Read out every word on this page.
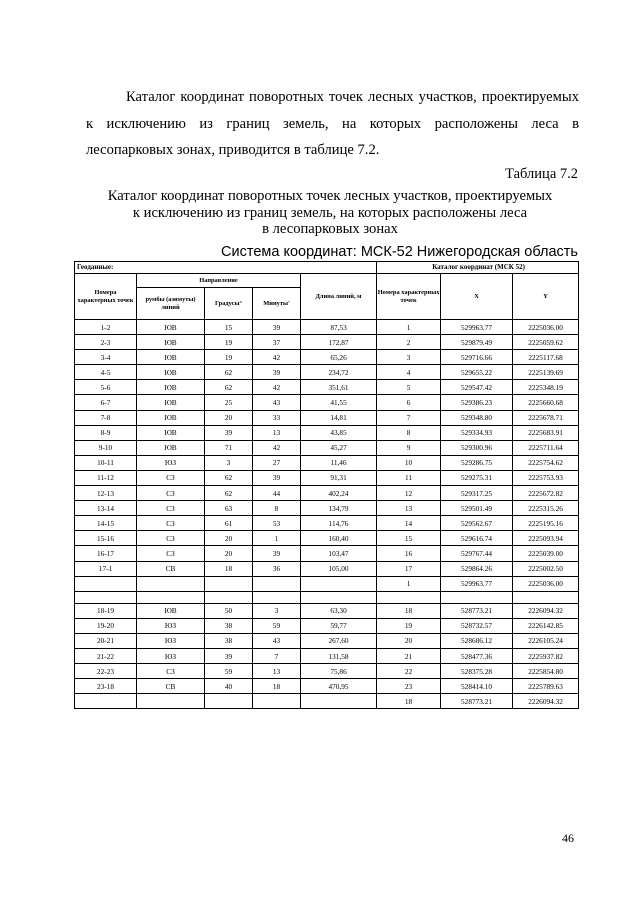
Каталог координат поворотных точек лесных участков, проектируемых к исключению из границ земель, на которых расположены леса в лесопарковых зонах, приводится в таблице 7.2.
Таблица 7.2
Каталог координат поворотных точек лесных участков, проектируемых
к исключению из границ земель, на которых расположены леса
в лесопарковых зонах
Система координат: МСК-52 Нижегородская область
Геоданные:					Каталог координат (МСК 52)		
Номера характерных точек	Направление			Длина линий, м	Номера характерных точек	X	Y
	румбы (азимуты) линий	Градусы°	Минуты'				
1-2	ЮВ	15	39	87,53	1	529963.77	2225036.00
2-3	ЮВ	19	37	172,87	2	529879.49	2225059.62
3-4	ЮВ	19	42	65,26	3	529716.66	2225117.68
4-5	ЮВ	62	39	234,72	4	529655.22	2225139.69
5-6	ЮВ	62	42	351,61	5	529547.42	2225348.19
6-7	ЮВ	25	43	41,55	6	529386.23	2225660.68
7-8	ЮВ	20	33	14,81	7	529348.80	2225678.71
8-9	ЮВ	39	13	43,85	8	529334.93	2225683.91
9-10	ЮВ	71	42	45,27	9	529300.96	2225711.64
10-11	ЮЗ	3	27	11,46	10	529286.75	2225754.62
11-12	СЗ	62	39	91,31	11	529275.31	2225753.93
12-13	СЗ	62	44	402,24	12	529317.25	2225672.82
13-14	СЗ	63	8	134,79	13	529501.49	2225315.26
14-15	СЗ	61	53	114,76	14	529562.67	2225195.16
15-16	СЗ	20	1	160,40	15	529616.74	2225093.94
16-17	СЗ	20	39	103,47	16	529767.44	2225039.00
17-1	СВ	18	36	105,00	17	529864.26	2225002.50
					1	529963.77	2225036.00

18-19	ЮВ	50	3	63,30	18	528773.21	2226094.32
19-20	ЮЗ	38	59	59,77	19	528732.57	2226142.85
20-21	ЮЗ	38	43	267,60	20	528686.12	2226105.24
21-22	ЮЗ	39	7	131,58	21	528477.36	2225937.82
22-23	СЗ	59	13	75,86	22	528375.28	2225854.80
23-18	СВ	40	18	470,95	23	528414.10	2225789.63
					18	528773.21	2226094.32
46
